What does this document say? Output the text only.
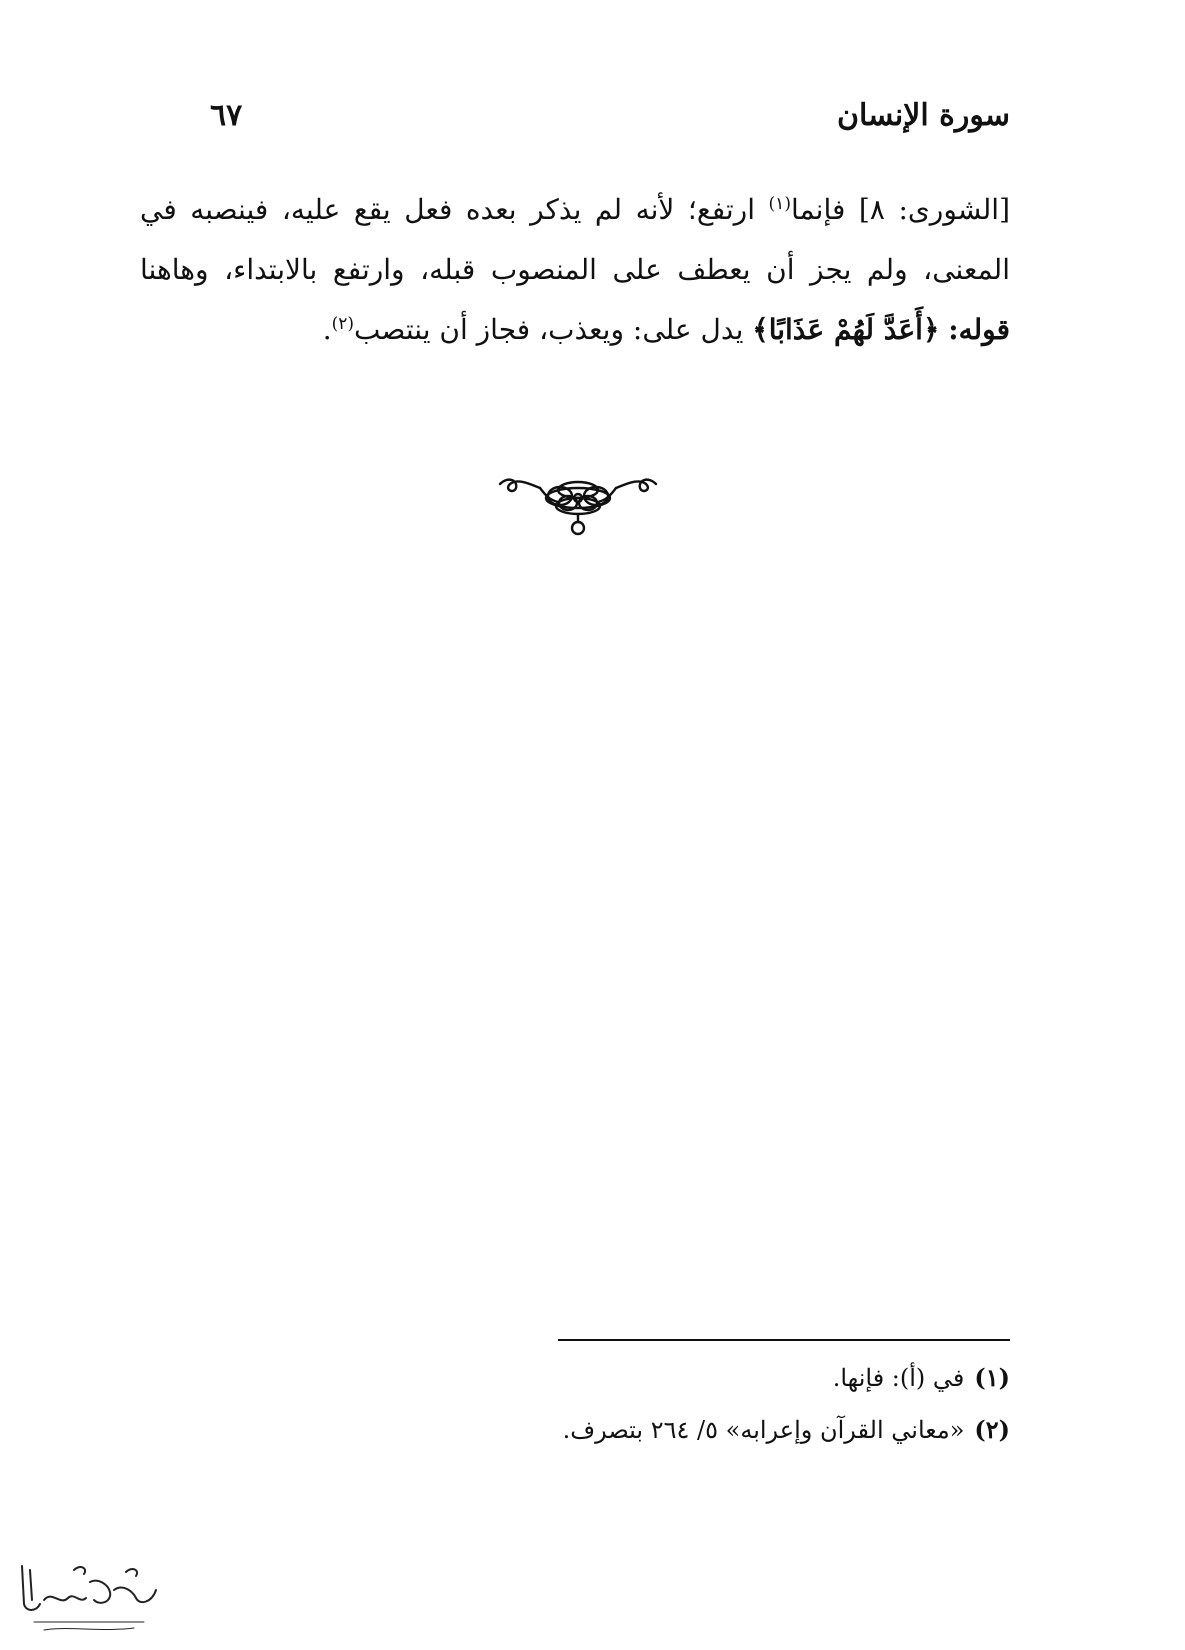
سورة الإنسان
٦٧
[الشورى: ٨] فإنما$^{(١)}$ ارتفع؛ لأنه لم يذكر بعده فعل يقع عليه، فينصبه في
المعنى، ولم يجز أن يعطف على المنصوب قبله، وارتفع بالابتداء، وهاهنا
قوله: ﴿أَعَدَّ لَهُمْ عَذَابًا﴾ يدل على: ويعذب، فجاز أن ينتصب$^{(٢)}$.
(١)في (أ): فإنها.
(٢)«معاني القرآن وإعرابه» ٥/ ٢٦٤ بتصرف.
